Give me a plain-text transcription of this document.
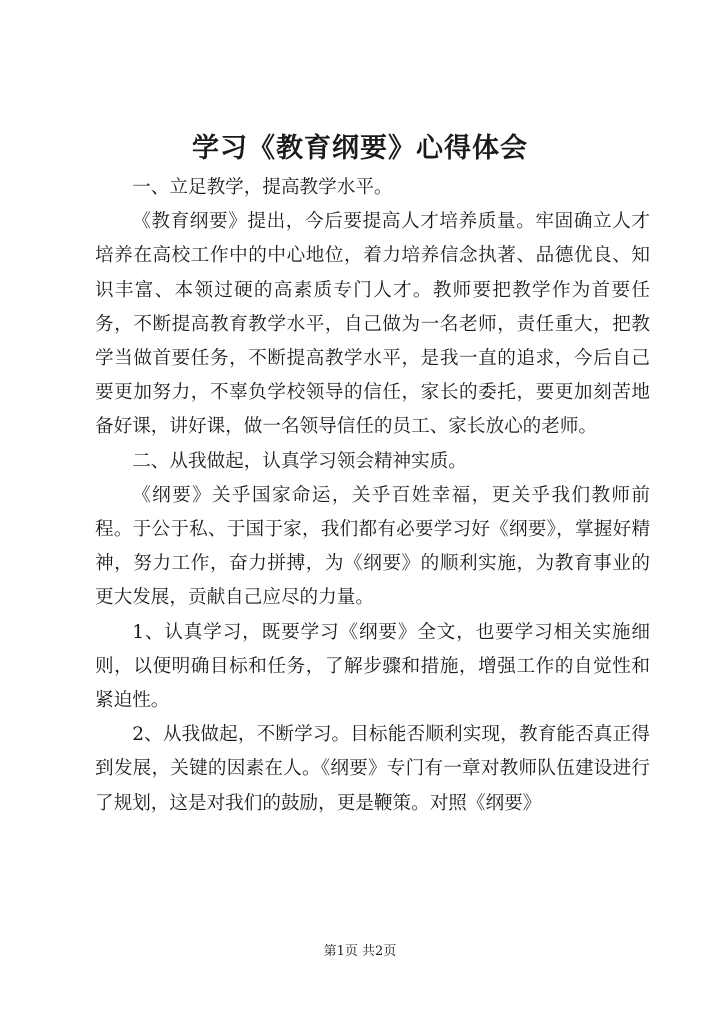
学习《教育纲要》心得体会

一、立足教学，提高教学水平。

《教育纲要》提出，今后要提高人才培养质量。牢固确立人才培养在高校工作中的中心地位，着力培养信念执著、品德优良、知识丰富、本领过硬的高素质专门人才。教师要把教学作为首要任务，不断提高教育教学水平，自己做为一名老师，责任重大，把教学当做首要任务，不断提高教学水平，是我一直的追求，今后自己要更加努力，不辜负学校领导的信任，家长的委托，要更加刻苦地备好课，讲好课，做一名领导信任的员工、家长放心的老师。

二、从我做起，认真学习领会精神实质。

《纲要》关乎国家命运，关乎百姓幸福，更关乎我们教师前程。于公于私、于国于家，我们都有必要学习好《纲要》，掌握好精神，努力工作，奋力拼搏，为《纲要》的顺利实施，为教育事业的更大发展，贡献自己应尽的力量。

1、认真学习，既要学习《纲要》全文，也要学习相关实施细则，以便明确目标和任务，了解步骤和措施，增强工作的自觉性和紧迫性。

2、从我做起，不断学习。目标能否顺利实现，教育能否真正得到发展，关键的因素在人。《纲要》专门有一章对教师队伍建设进行了规划，这是对我们的鼓励，更是鞭策。对照《纲要》

第1页 共2页
